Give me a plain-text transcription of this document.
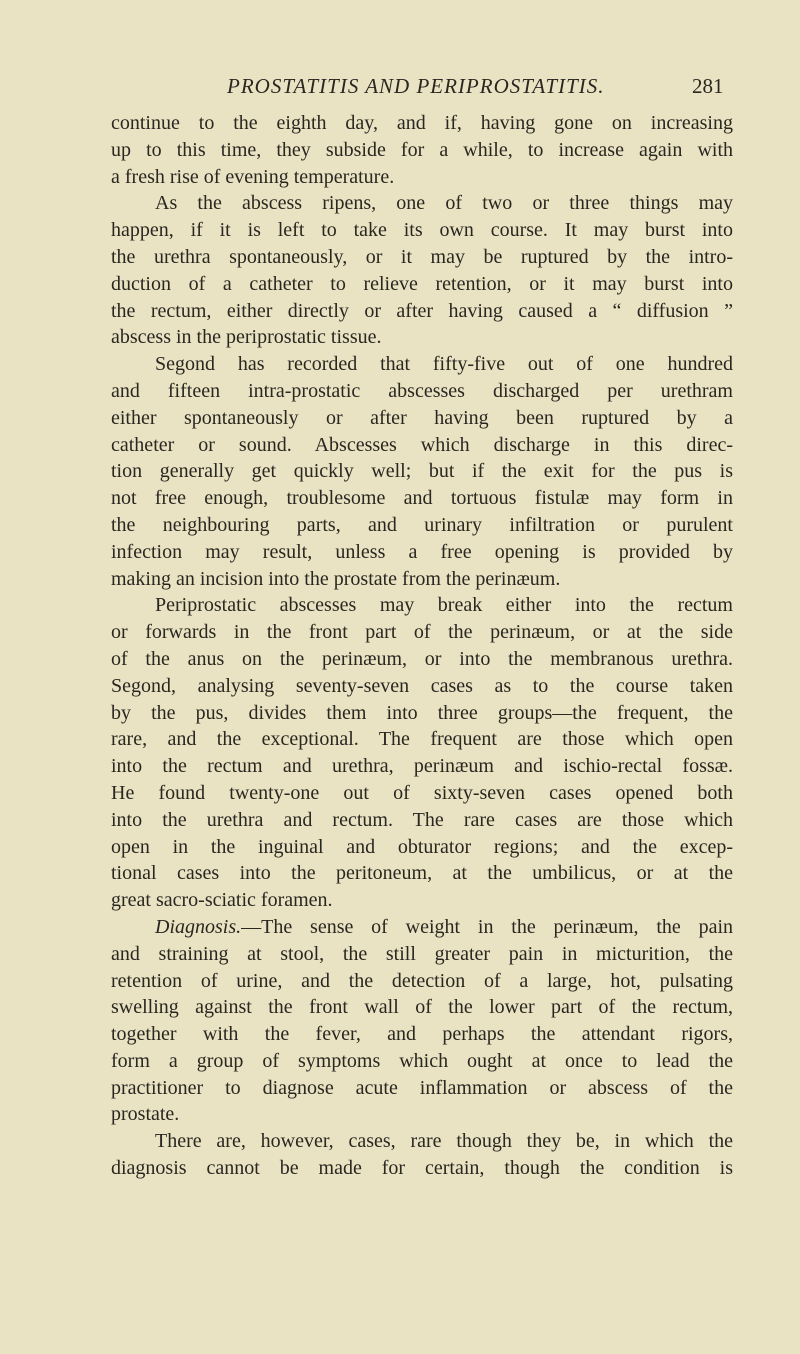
PROSTATITIS AND PERIPROSTATITIS.	281
continue to the eighth day, and if, having gone on increasing
up to this time, they subside for a while, to increase again with
a fresh rise of evening temperature.
As the abscess ripens, one of two or three things may
happen, if it is left to take its own course. It may burst into
the urethra spontaneously, or it may be ruptured by the intro-
duction of a catheter to relieve retention, or it may burst into
the rectum, either directly or after having caused a “ diffusion ”
abscess in the periprostatic tissue.
Segond has recorded that fifty-five out of one hundred
and fifteen intra-prostatic abscesses discharged per urethram
either spontaneously or after having been ruptured by a
catheter or sound. Abscesses which discharge in this direc-
tion generally get quickly well; but if the exit for the pus is
not free enough, troublesome and tortuous fistulæ may form in
the neighbouring parts, and urinary infiltration or purulent
infection may result, unless a free opening is provided by
making an incision into the prostate from the perinæum.
Periprostatic abscesses may break either into the rectum
or forwards in the front part of the perinæum, or at the side
of the anus on the perinæum, or into the membranous urethra.
Segond, analysing seventy-seven cases as to the course taken
by the pus, divides them into three groups—the frequent, the
rare, and the exceptional. The frequent are those which open
into the rectum and urethra, perinæum and ischio-rectal fossæ.
He found twenty-one out of sixty-seven cases opened both
into the urethra and rectum. The rare cases are those which
open in the inguinal and obturator regions; and the excep-
tional cases into the peritoneum, at the umbilicus, or at the
great sacro-sciatic foramen.
Diagnosis.—The sense of weight in the perinæum, the pain
and straining at stool, the still greater pain in micturition, the
retention of urine, and the detection of a large, hot, pulsating
swelling against the front wall of the lower part of the rectum,
together with the fever, and perhaps the attendant rigors,
form a group of symptoms which ought at once to lead the
practitioner to diagnose acute inflammation or abscess of the
prostate.
There are, however, cases, rare though they be, in which the
diagnosis cannot be made for certain, though the condition is
